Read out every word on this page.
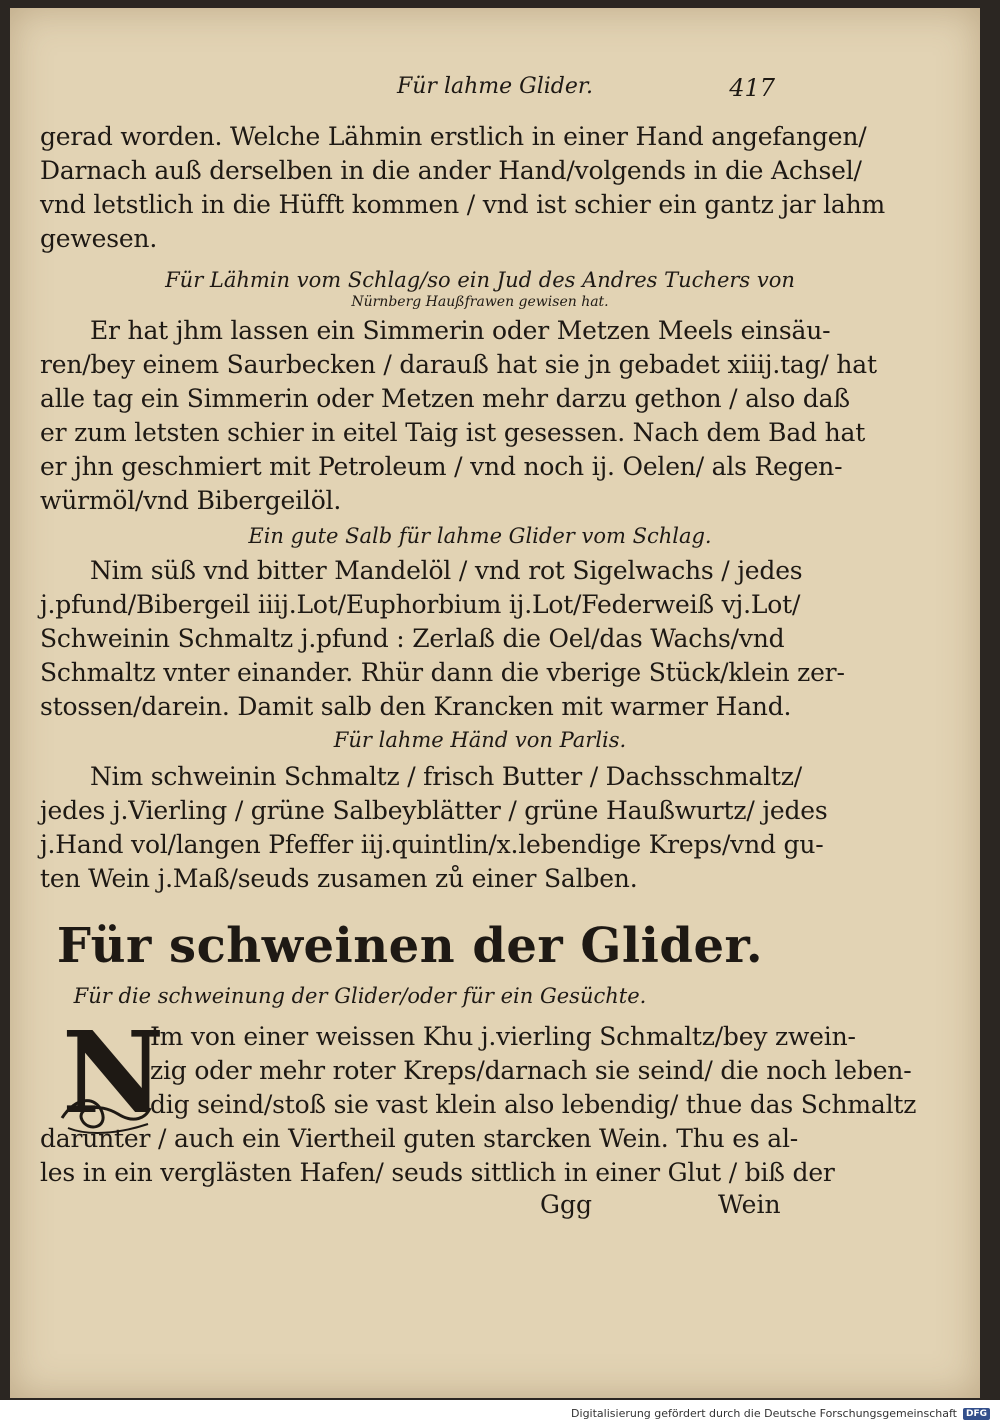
Für lahme Glider.	417
gerad worden. Welche Lähmin erstlich in einer Hand angefangen/
Darnach auß derselben in die ander Hand/volgends in die Achsel/
vnd letstlich in die Hüfft kommen / vnd ist schier ein gantz jar lahm
gewesen.
Für Lähmin vom Schlag/so ein Jud des Andres Tuchers von
Nürnberg Haußfrawen gewisen hat.
Er hat jhm lassen ein Simmerin oder Metzen Meels einsäu-
ren/bey einem Saurbecken / darauß hat sie jn gebadet xiiij.tag/ hat
alle tag ein Simmerin oder Metzen mehr darzu gethon / also daß
er zum letsten schier in eitel Taig ist gesessen. Nach dem Bad hat
er jhn geschmiert mit Petroleum / vnd noch ij. Oelen/ als Regen-
würmöl/vnd Bibergeilöl.
Ein gute Salb für lahme Glider vom Schlag.
Nim süß vnd bitter Mandelöl / vnd rot Sigelwachs / jedes
j.pfund/Bibergeil iiij.Lot/Euphorbium ij.Lot/Federweiß vj.Lot/
Schweinin Schmaltz j.pfund : Zerlaß die Oel/das Wachs/vnd
Schmaltz vnter einander. Rhür dann die vberige Stück/klein zer-
stossen/darein. Damit salb den Krancken mit warmer Hand.
Für lahme Händ von Parlis.
Nim schweinin Schmaltz / frisch Butter / Dachsschmaltz/
jedes j.Vierling / grüne Salbeyblätter / grüne Haußwurtz/ jedes
j.Hand vol/langen Pfeffer iij.quintlin/x.lebendige Kreps/vnd gu-
ten Wein j.Maß/seuds zusamen zů einer Salben.
Für schweinen der Glider.
Für die schweinung der Glider/oder für ein Gesüchte.
N
Im von einer weissen Khu j.vierling Schmaltz/bey zwein-
zig oder mehr roter Kreps/darnach sie seind/ die noch leben-
dig seind/stoß sie vast klein also lebendig/ thue das Schmaltz
darunter / auch ein Viertheil guten starcken Wein. Thu es al-
les in ein verglästen Hafen/ seuds sittlich in einer Glut / biß der
Ggg	Wein
Digitalisierung gefördert durch die Deutsche Forschungsgemeinschaft	DFG
